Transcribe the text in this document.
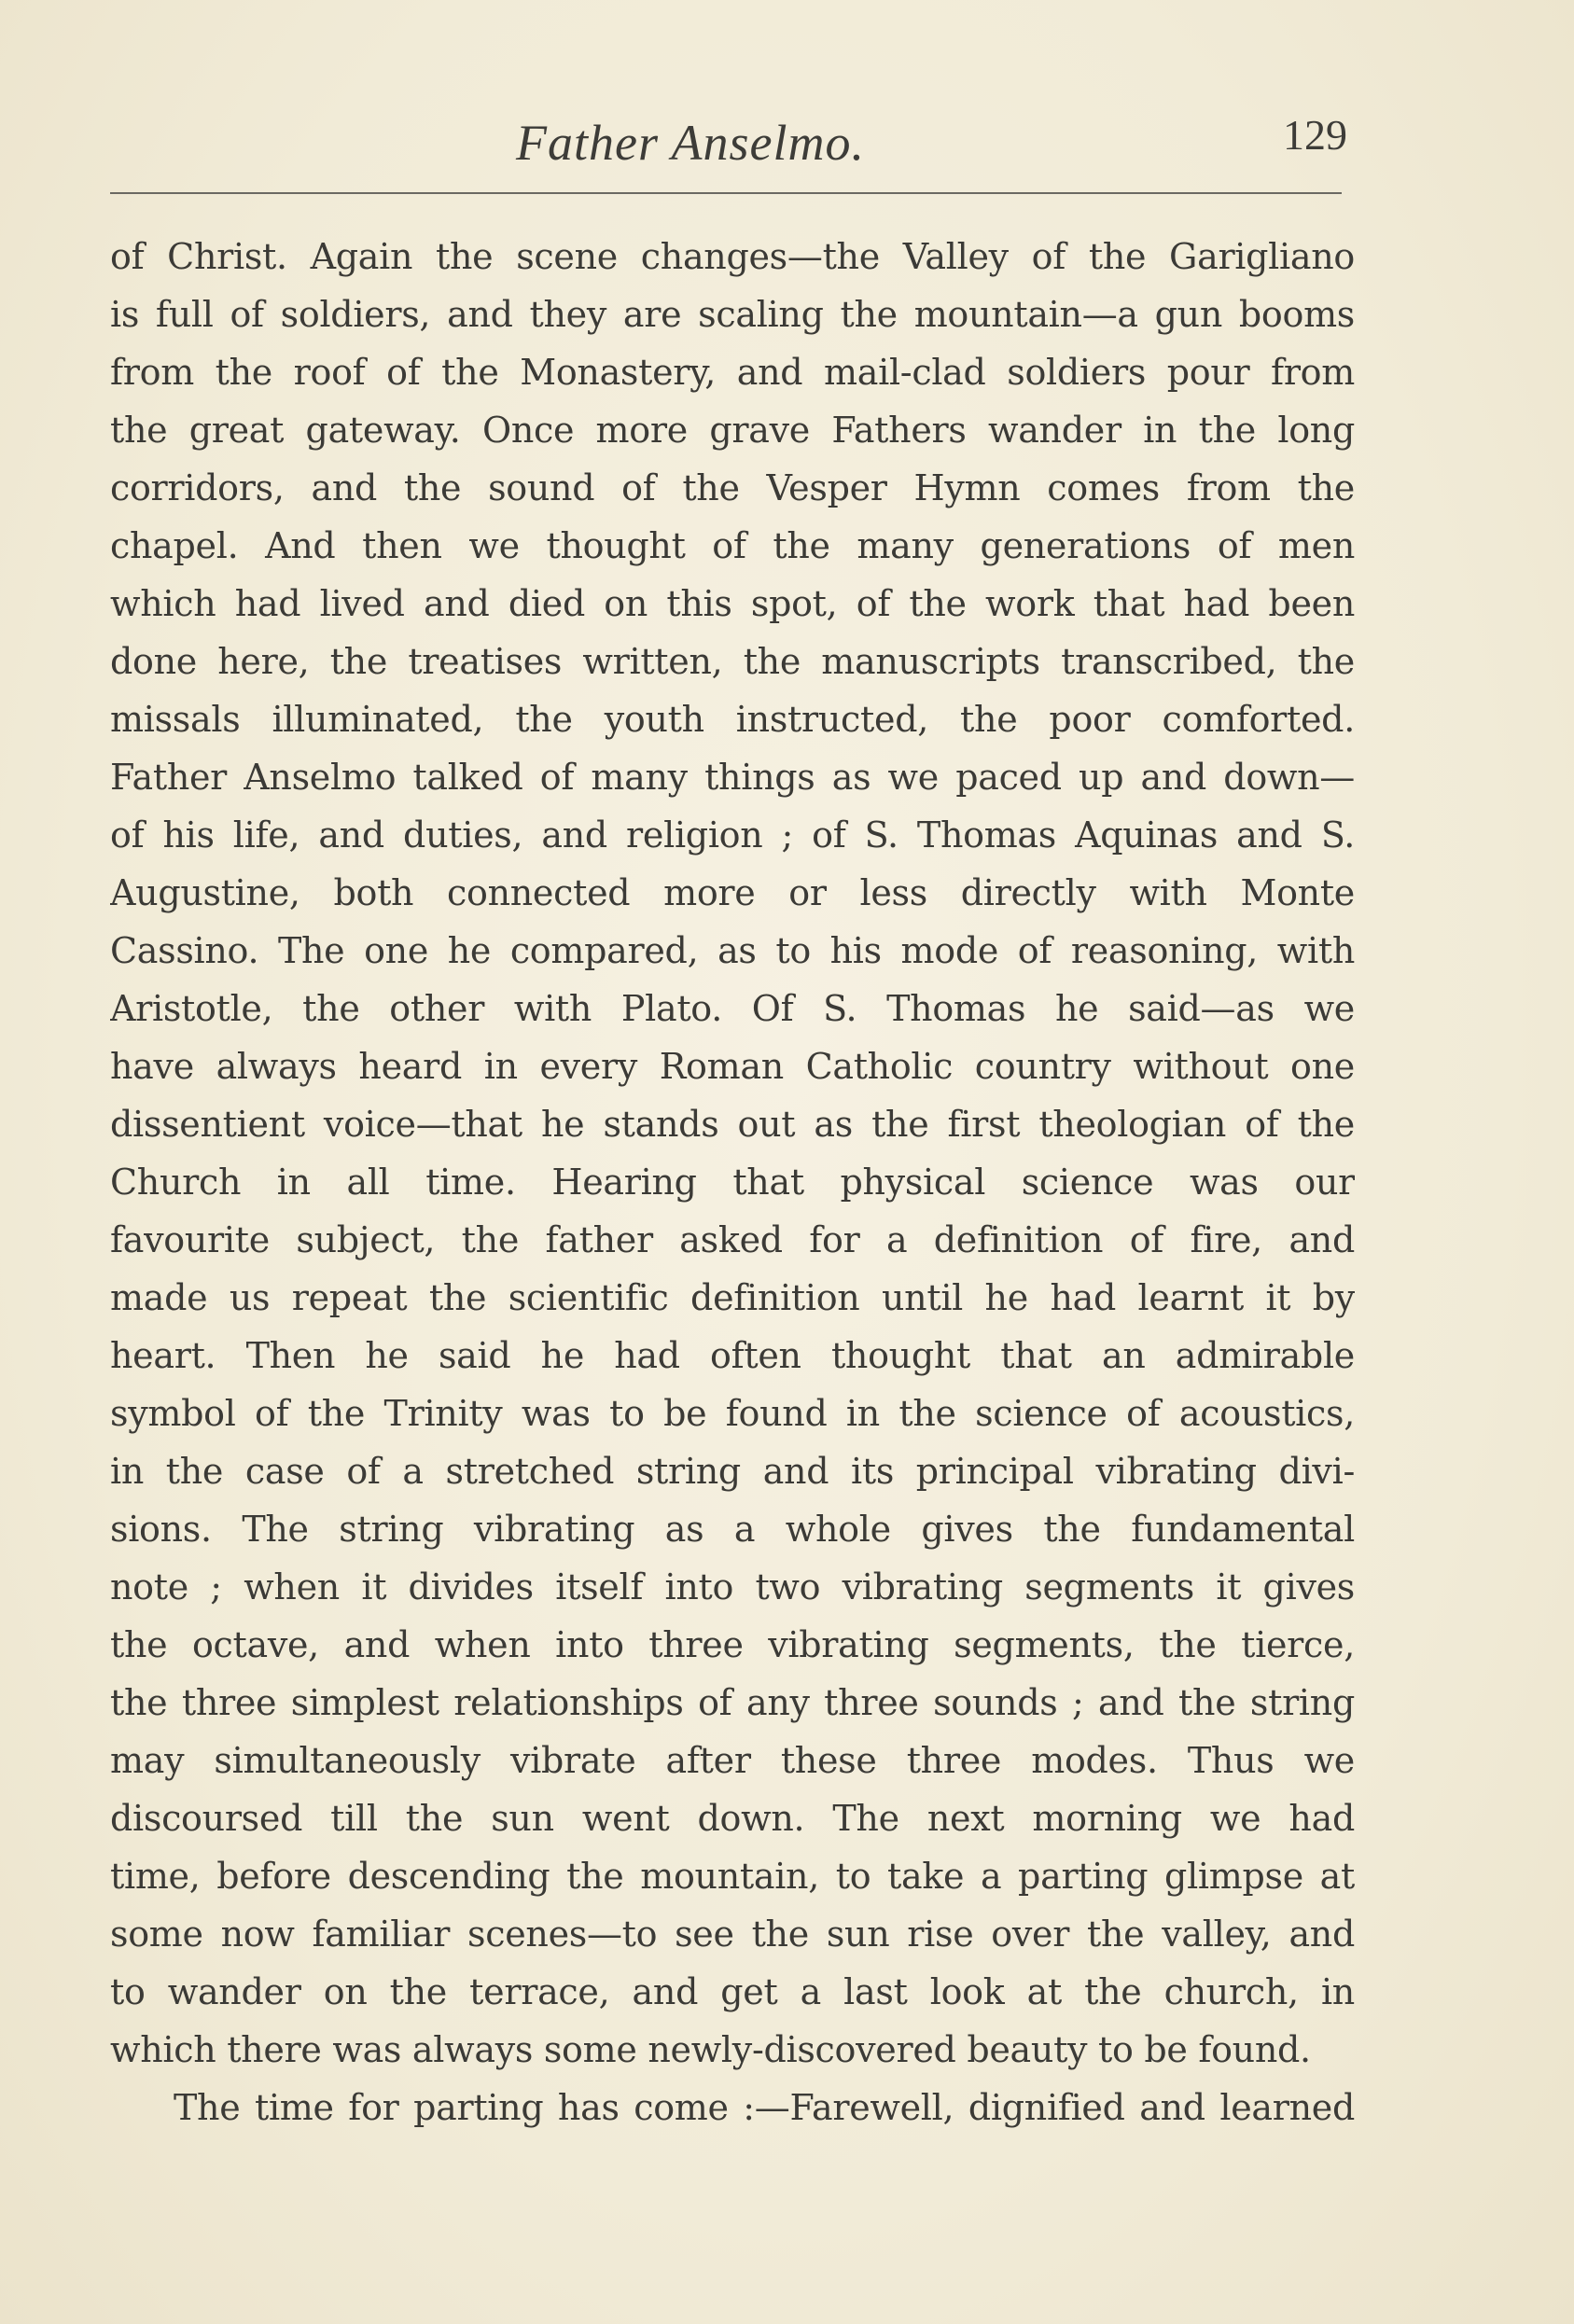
Father Anselmo.	129
of Christ. Again the scene changes—the Valley of the Garigliano
is full of soldiers, and they are scaling the mountain—a gun booms
from the roof of the Monastery, and mail-clad soldiers pour from
the great gateway. Once more grave Fathers wander in the long
corridors, and the sound of the Vesper Hymn comes from the
chapel. And then we thought of the many generations of men
which had lived and died on this spot, of the work that had been
done here, the treatises written, the manuscripts transcribed, the
missals illuminated, the youth instructed, the poor comforted.
Father Anselmo talked of many things as we paced up and down—
of his life, and duties, and religion ; of S. Thomas Aquinas and S.
Augustine, both connected more or less directly with Monte
Cassino. The one he compared, as to his mode of reasoning, with
Aristotle, the other with Plato. Of S. Thomas he said—as we
have always heard in every Roman Catholic country without one
dissentient voice—that he stands out as the first theologian of the
Church in all time. Hearing that physical science was our
favourite subject, the father asked for a definition of fire, and
made us repeat the scientific definition until he had learnt it by
heart. Then he said he had often thought that an admirable
symbol of the Trinity was to be found in the science of acoustics,
in the case of a stretched string and its principal vibrating divi-
sions. The string vibrating as a whole gives the fundamental
note ; when it divides itself into two vibrating segments it gives
the octave, and when into three vibrating segments, the tierce,
the three simplest relationships of any three sounds ; and the string
may simultaneously vibrate after these three modes. Thus we
discoursed till the sun went down. The next morning we had
time, before descending the mountain, to take a parting glimpse at
some now familiar scenes—to see the sun rise over the valley, and
to wander on the terrace, and get a last look at the church, in
which there was always some newly-discovered beauty to be found.
The time for parting has come :—Farewell, dignified and learned
